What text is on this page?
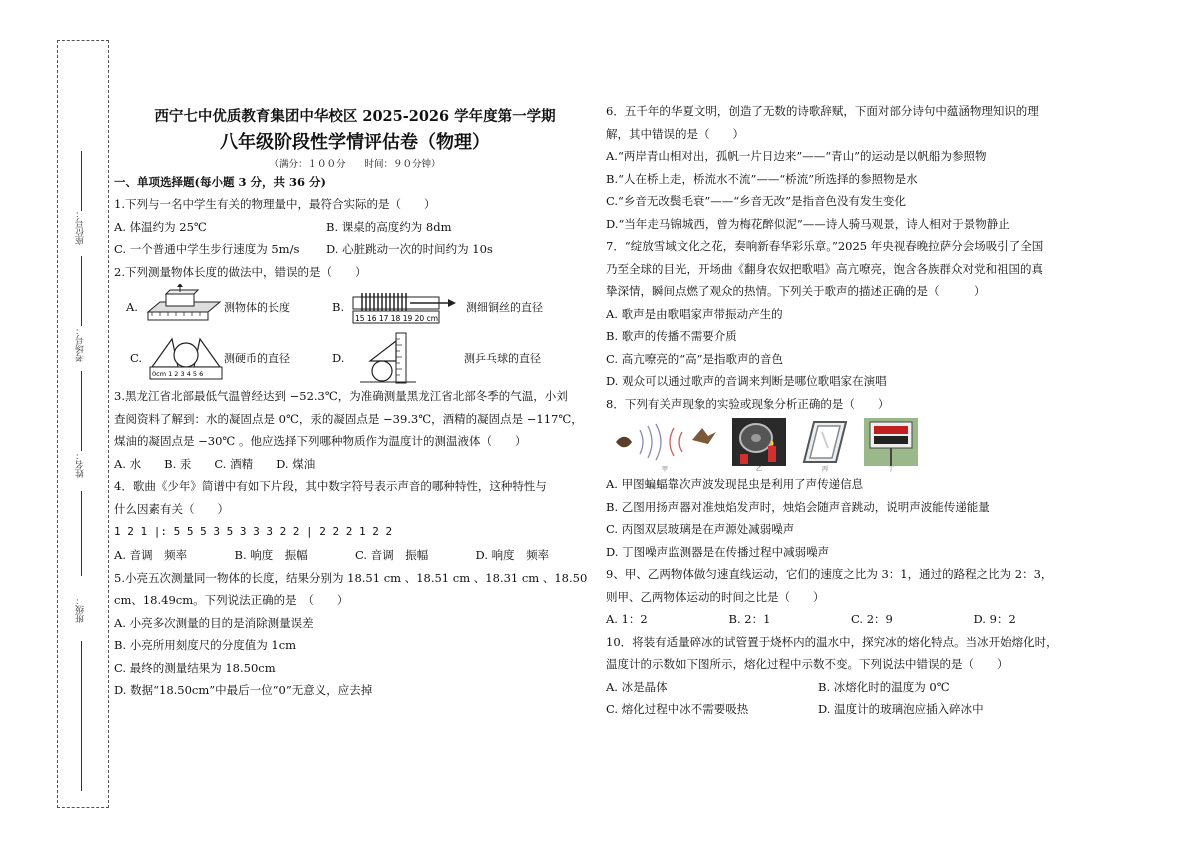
座位号：
考场号：
姓名：
班级：
西宁七中优质教育集团中华校区 2025-2026 学年度第一学期
八年级阶段性学情评估卷（物理）
（满分：１００分　　时间：９０分钟）
一、单项选择题(每小题 3 分，共 36 分)
1.下列与一名中学生有关的物理量中，最符合实际的是（　　）
A. 体温约为 25℃	B. 课桌的高度约为 8dm
C. 一个普通中学生步行速度为 5m/s	D. 心脏跳动一次的时间约为 10s
2.下列测量物体长度的做法中，错误的是（　　）
A.	测物体的长度	B.
15 16 17 18 19 20 cm
测细铜丝的直径
C.
0cm 1 2 3 4 5 6
测硬币的直径	D.	测乒乓球的直径
3.黑龙江省北部最低气温曾经达到 −52.3℃，为准确测量黑龙江省北部冬季的气温，小刘
查阅资料了解到：水的凝固点是 0℃，汞的凝固点是 −39.3℃，酒精的凝固点是 −117℃，
煤油的凝固点是 −30℃ 。他应选择下列哪种物质作为温度计的测温液体（　　）
A. 水　　B. 汞　　C. 酒精　　D. 煤油
4．歌曲《少年》简谱中有如下片段，其中数字符号表示声音的哪种特性，这种特性与
什么因素有关（　　）
1 2 1 |: 5 5 5 3 5 3 3 3 2 2 | 2 2 2 1 2 2
A. 音调　频率	B. 响度　振幅	C. 音调　振幅	D. 响度　频率
5.小亮五次测量同一物体的长度，结果分别为 18.51 cm 、18.51 cm 、18.31 cm 、18.50
cm、18.49cm。下列说法正确的是　（　　）
A. 小亮多次测量的目的是消除测量误差
B. 小亮所用刻度尺的分度值为 1cm
C. 最终的测量结果为 18.50cm
D. 数据“18.50cm”中最后一位“0”无意义，应去掉
6．五千年的华夏文明，创造了无数的诗歌辞赋，下面对部分诗句中蕴涵物理知识的理
解，其中错误的是（　　）
A.“两岸青山相对出，孤帆一片日边来”——“青山”的运动是以帆船为参照物
B.“人在桥上走，桥流水不流”——“桥流”所选择的参照物是水
C.“乡音无改鬓毛衰”——“乡音无改”是指音色没有发生变化
D.“当年走马锦城西，曾为梅花醉似泥”——诗人骑马观景，诗人相对于景物静止
7．“绽放雪域文化之花，奏响新春华彩乐章。”2025 年央视春晚拉萨分会场吸引了全国
乃至全球的目光，开场曲《翻身农奴把歌唱》高亢嘹亮，饱含各族群众对党和祖国的真
挚深情，瞬间点燃了观众的热情。下列关于歌声的描述正确的是（　　　）
A. 歌声是由歌唱家声带振动产生的
B. 歌声的传播不需要介质
C. 高亢嘹亮的“高”是指歌声的音色
D. 观众可以通过歌声的音调来判断是哪位歌唱家在演唱
8．下列有关声现象的实验或现象分析正确的是（　　）
甲	乙	丙	丁
A. 甲图蝙蝠靠次声波发现昆虫是利用了声传递信息
B. 乙图用扬声器对准烛焰发声时，烛焰会随声音跳动，说明声波能传递能量
C. 丙图双层玻璃是在声源处减弱噪声
D. 丁图噪声监测器是在传播过程中减弱噪声
9、甲、乙两物体做匀速直线运动，它们的速度之比为 3：1，通过的路程之比为 2：3，
则甲、乙两物体运动的时间之比是（　　）
A. 1：2	B. 2：1	C. 2：9	D. 9：2
10．将装有适量碎冰的试管置于烧杯内的温水中，探究冰的熔化特点。当冰开始熔化时，
温度计的示数如下图所示，熔化过程中示数不变。下列说法中错误的是（　　）
A. 冰是晶体	B. 冰熔化时的温度为 0℃
C. 熔化过程中冰不需要吸热	D. 温度计的玻璃泡应插入碎冰中
